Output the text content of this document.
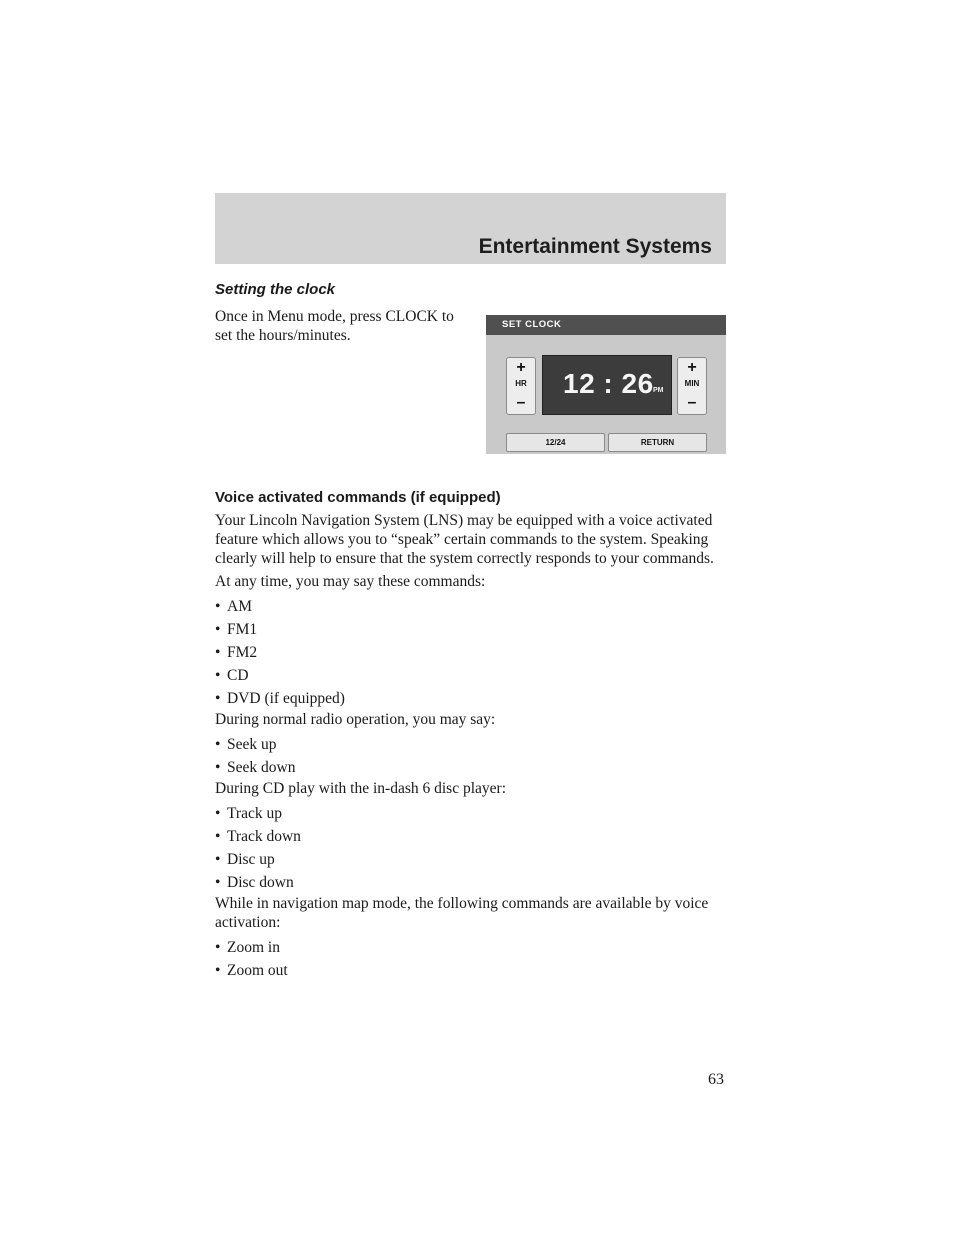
Entertainment Systems
Setting the clock

Once in Menu mode, press CLOCK to set the hours/minutes.

SET CLOCK
+
HR
–
12 : 26 PM
+
MIN
–
12/24	RETURN
Voice activated commands (if equipped)

Your Lincoln Navigation System (LNS) may be equipped with a voice activated feature which allows you to “speak” certain commands to the system. Speaking clearly will help to ensure that the system correctly responds to your commands.

At any time, you may say these commands:

• AM
• FM1
• FM2
• CD
• DVD (if equipped)

During normal radio operation, you may say:

• Seek up
• Seek down

During CD play with the in-dash 6 disc player:

• Track up
• Track down
• Disc up
• Disc down

While in navigation map mode, the following commands are available by voice activation:

• Zoom in
• Zoom out
63
